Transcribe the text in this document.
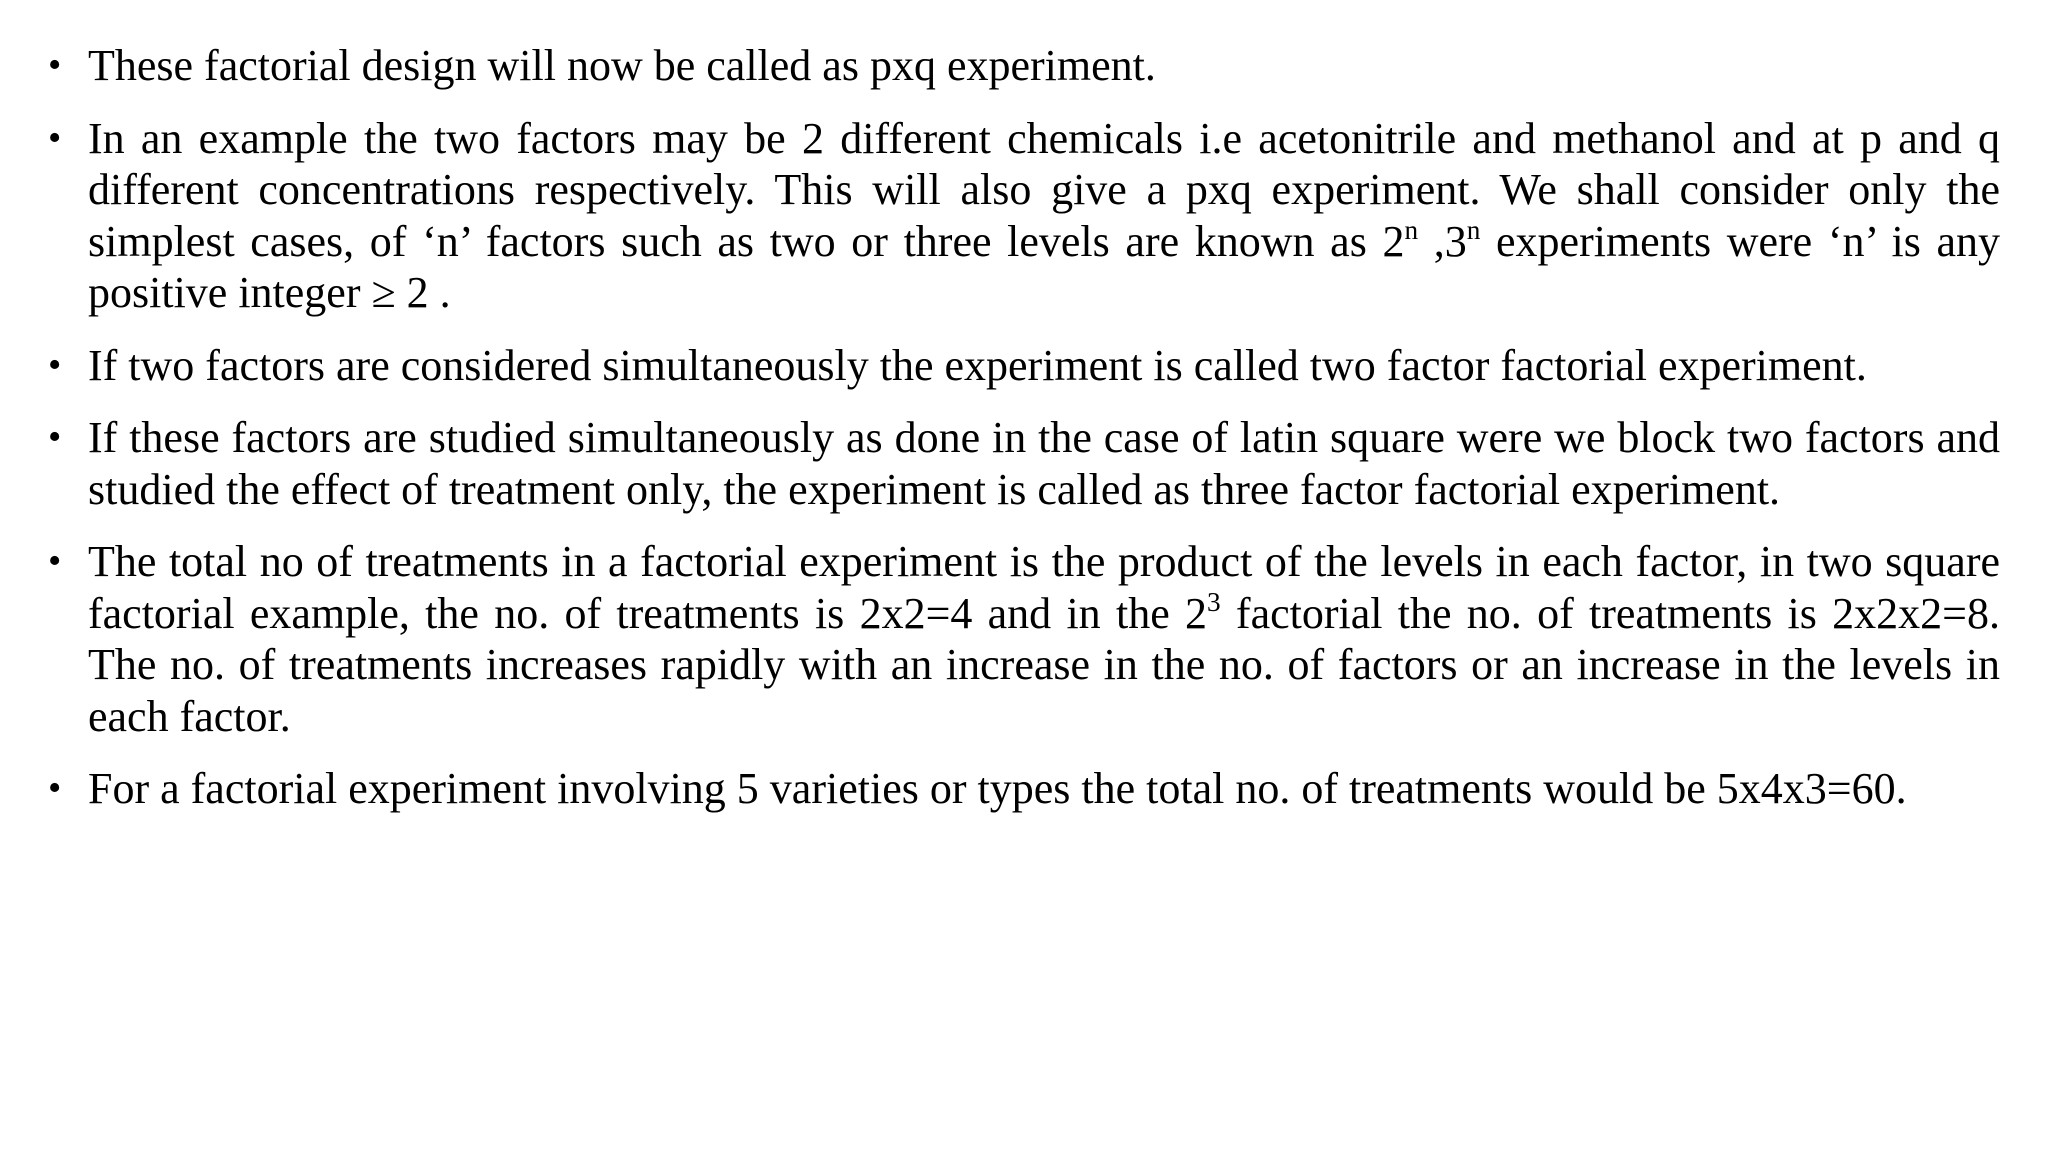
• These factorial design will now be called as pxq experiment.
• In an example the two factors may be 2 different chemicals i.e acetonitrile and methanol and at p and q different concentrations respectively. This will also give a pxq experiment. We shall consider only the simplest cases, of ‘n’ factors such as two or three levels are known as 2$^n$ ,3$^n$ experiments were ‘n’ is any positive integer ≥ 2 .
• If two factors are considered simultaneously the experiment is called two factor factorial experiment.
• If these factors are studied simultaneously as done in the case of latin square were we block two factors and studied the effect of treatment only, the experiment is called as three factor factorial experiment.
• The total no of treatments in a factorial experiment is the product of the levels in each factor, in two square factorial example, the no. of treatments is 2x2=4 and in the $2^3$ factorial the no. of treatments is 2x2x2=8. The no. of treatments increases rapidly with an increase in the no. of factors or an increase in the levels in each factor.
• For a factorial experiment involving 5 varieties or types the total no. of treatments would be 5x4x3=60.
